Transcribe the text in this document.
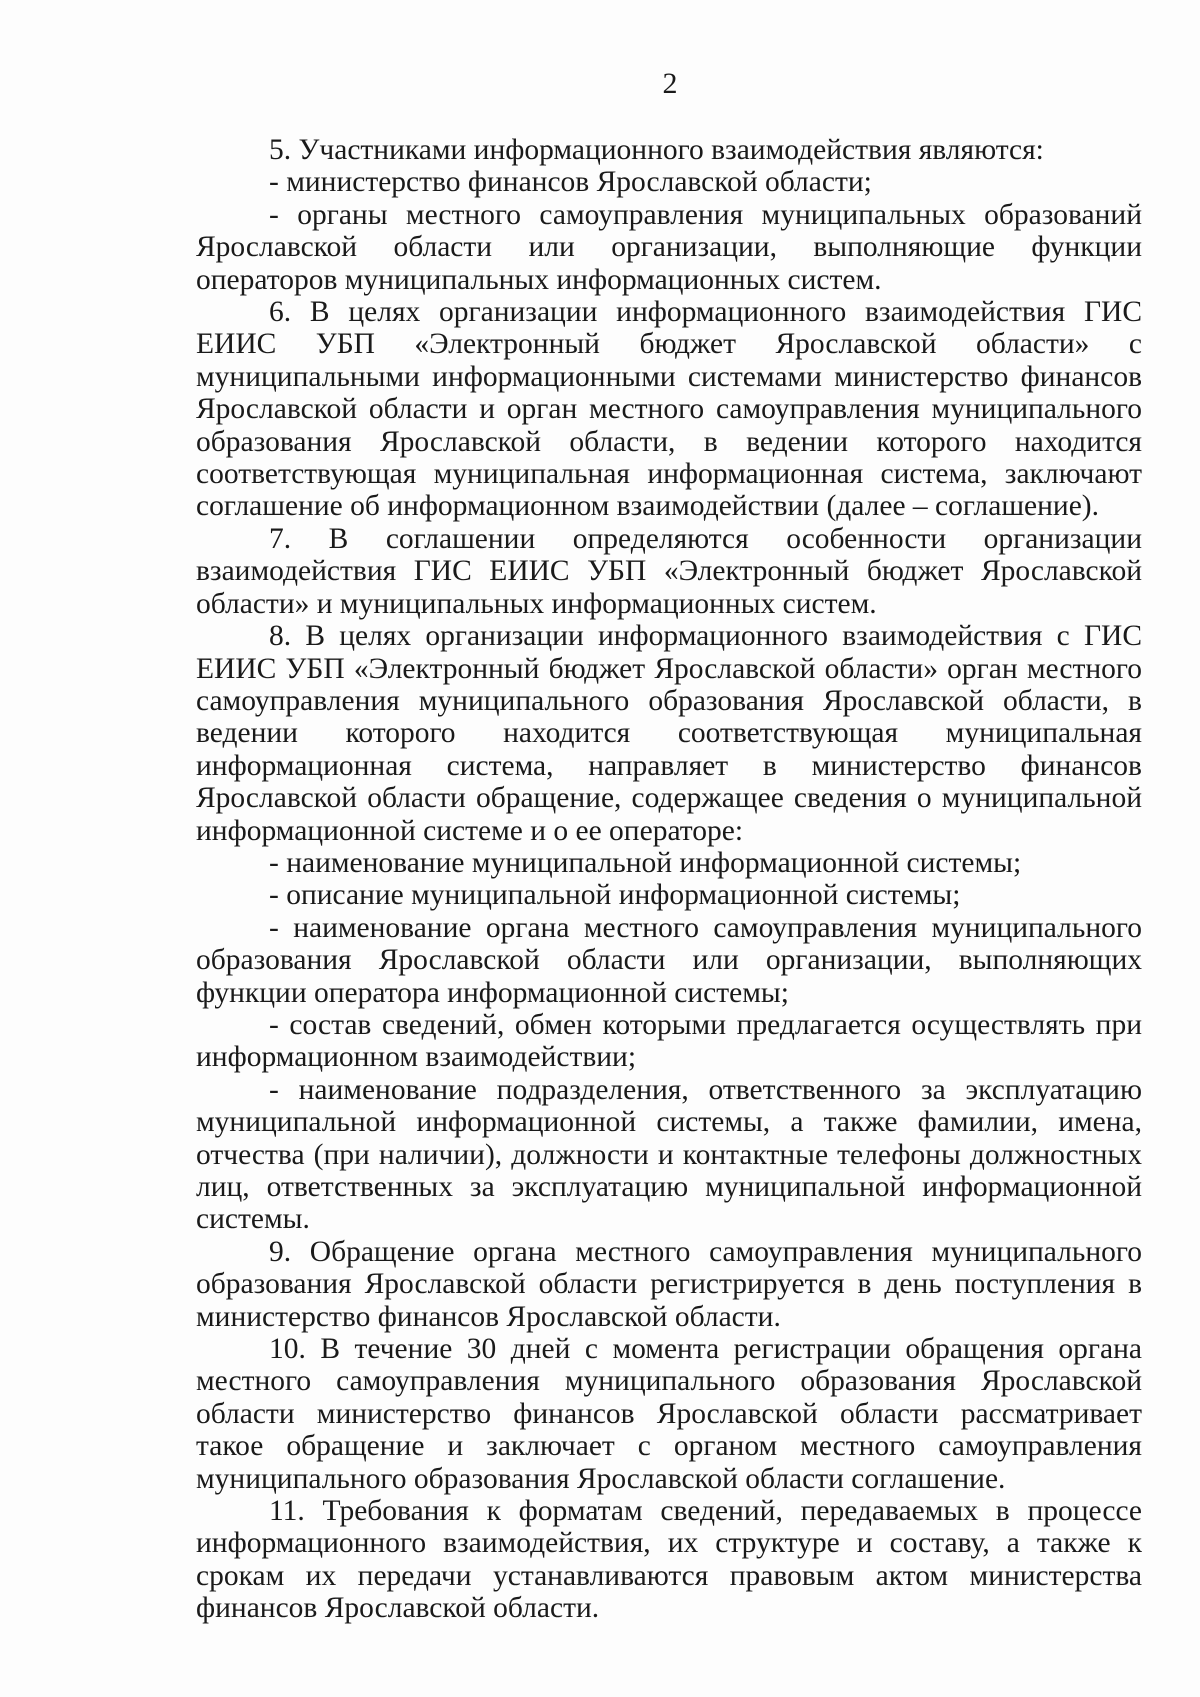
2

5. Участниками информационного взаимодействия являются:

- министерство финансов Ярославской области;

- органы местного самоуправления муниципальных образований Ярославской области или организации, выполняющие функции операторов муниципальных информационных систем.

6. В целях организации информационного взаимодействия ГИС ЕИИС УБП «Электронный бюджет Ярославской области» с муниципальными информационными системами министерство финансов Ярославской области и орган местного самоуправления муниципального образования Ярославской области, в ведении которого находится соответствующая муниципальная информационная система, заключают соглашение об информационном взаимодействии (далее – соглашение).

7. В соглашении определяются особенности организации взаимодействия ГИС ЕИИС УБП «Электронный бюджет Ярославской области» и муниципальных информационных систем.

8. В целях организации информационного взаимодействия с ГИС ЕИИС УБП «Электронный бюджет Ярославской области» орган местного самоуправления муниципального образования Ярославской области, в ведении которого находится соответствующая муниципальная информационная система, направляет в министерство финансов Ярославской области обращение, содержащее сведения о муниципальной информационной системе и о ее операторе:

- наименование муниципальной информационной системы;

- описание муниципальной информационной системы;

- наименование органа местного самоуправления муниципального образования Ярославской области или организации, выполняющих функции оператора информационной системы;

- состав сведений, обмен которыми предлагается осуществлять при информационном взаимодействии;

- наименование подразделения, ответственного за эксплуатацию муниципальной информационной системы, а также фамилии, имена, отчества (при наличии), должности и контактные телефоны должностных лиц, ответственных за эксплуатацию муниципальной информационной системы.

9. Обращение органа местного самоуправления муниципального образования Ярославской области регистрируется в день поступления в министерство финансов Ярославской области.

10. В течение 30 дней с момента регистрации обращения органа местного самоуправления муниципального образования Ярославской области министерство финансов Ярославской области рассматривает такое обращение и заключает с органом местного самоуправления муниципального образования Ярославской области соглашение.

11. Требования к форматам сведений, передаваемых в процессе информационного взаимодействия, их структуре и составу, а также к срокам их передачи устанавливаются правовым актом министерства финансов Ярославской области.
